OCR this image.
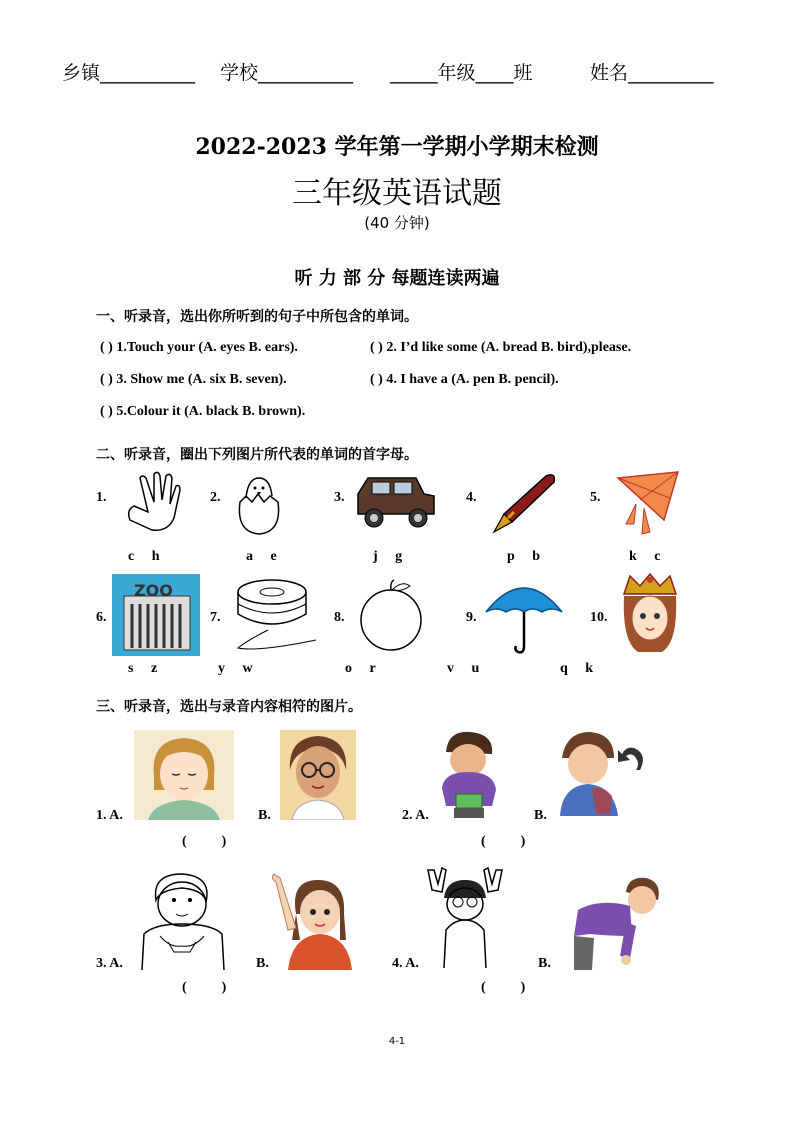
乡镇__________ 学校__________ _____年级____班	姓名_________
2022-2023 学年第一学期小学期末检测
三年级英语试题
(40 分钟)
听 力 部 分 每题连读两遍
一、听录音，选出你所听到的句子中所包含的单词。
( ) 1.Touch your (A. eyes B. ears).	( ) 2. I’d like some (A. bread B. bird),please.
( ) 3. Show me (A. six B. seven).	( ) 4. I have a (A. pen B. pencil).
( ) 5.Colour it (A. black B. brown).
二、听录音，圈出下列图片所代表的单词的首字母。
1.
c     h
2.
a     e
3.
j     g
4.
p     b
5.
k     c
6.
ZOO
s     z
7.
y     w
8.
o     r
9.
v     u
10.
q     k
三、听录音，选出与录音内容相符的图片。
1. A.	B.
(          )
2. A.	B.
(          )
3. A.	B.
(          )
4. A.	B.
(          )
4-1
